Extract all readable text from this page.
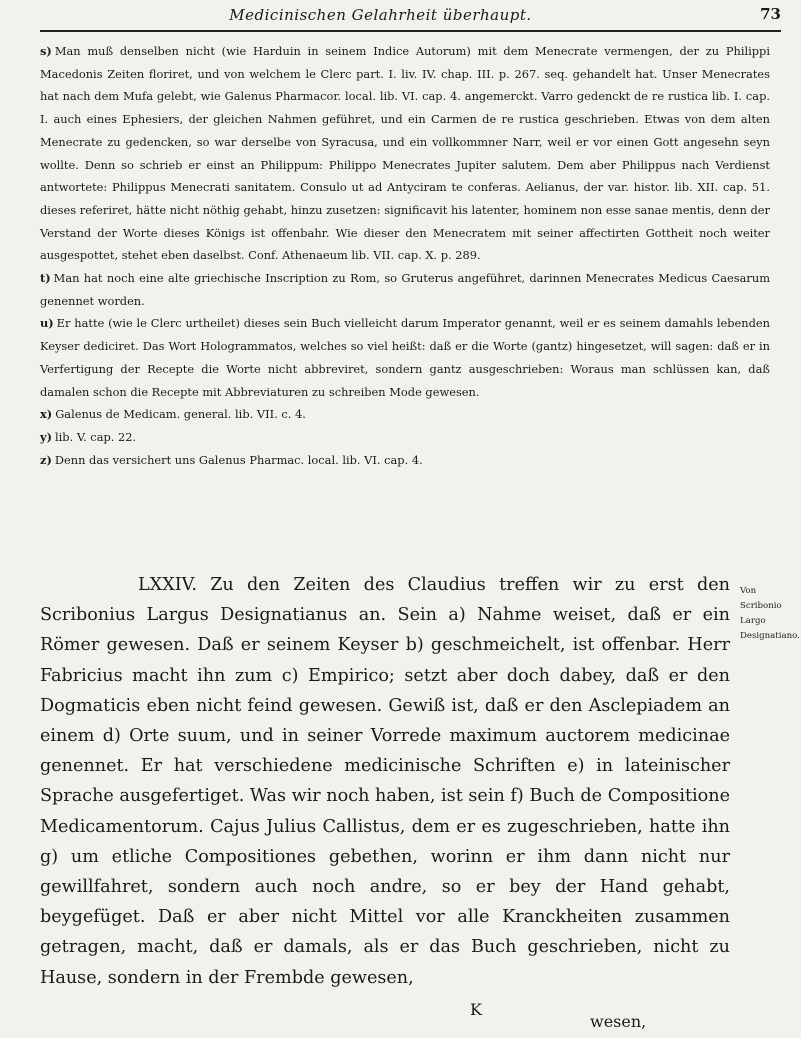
Medicinischen Gelahrheit überhaupt.	73

s) Man muß denselben nicht (wie Harduin in seinem Indice Autorum) mit dem Menecrate vermengen, der zu Philippi Macedonis Zeiten floriret, und von welchem le Clerc part. I. liv. IV. chap. III. p. 267. seq. gehandelt hat. Unser Menecrates hat nach dem Mufa gelebt, wie Galenus Pharmacor. local. lib. VI. cap. 4. angemerckt. Varro gedenckt de re rustica lib. I. cap. I. auch eines Ephesiers, der gleichen Nahmen geführet, und ein Carmen de re rustica geschrieben. Etwas von dem alten Menecrate zu gedencken, so war derselbe von Syracusa, und ein vollkommner Narr, weil er vor einen Gott angesehn seyn wollte. Denn so schrieb er einst an Philippum: Philippo Menecrates Jupiter salutem. Dem aber Philippus nach Verdienst antwortete: Philippus Menecrati sanitatem. Consulo ut ad Antyciram te conferas. Aelianus, der var. histor. lib. XII. cap. 51. dieses referiret, hätte nicht nöthig gehabt, hinzu zusetzen: significavit his latenter, hominem non esse sanae mentis, denn der Verstand der Worte dieses Königs ist offenbahr. Wie dieser den Menecratem mit seiner affectirten Gottheit noch weiter ausgespottet, stehet eben daselbst. Conf. Athenaeum lib. VII. cap. X. p. 289.

t) Man hat noch eine alte griechische Inscription zu Rom, so Gruterus angeführet, darinnen Menecrates Medicus Caesarum genennet worden.

u) Er hatte (wie le Clerc urtheilet) dieses sein Buch vielleicht darum Imperator genannt, weil er es seinem damahls lebenden Keyser dediciret. Das Wort Hologrammatos, welches so viel heißt: daß er die Worte (gantz) hingesetzet, will sagen: daß er in Verfertigung der Recepte die Worte nicht abbreviret, sondern gantz ausgeschrieben: Woraus man schlüssen kan, daß damalen schon die Recepte mit Abbreviaturen zu schreiben Mode gewesen.

x) Galenus de Medicam. general. lib. VII. c. 4.

y) lib. V. cap. 22.

z) Denn das versichert uns Galenus Pharmac. local. lib. VI. cap. 4.

LXXIV. Zu den Zeiten des Claudius treffen wir zu erst den Scribonius Largus Designatianus an. Sein a) Nahme weiset, daß er ein Römer gewesen. Daß er seinem Keyser b) geschmeichelt, ist offenbar. Herr Fabricius macht ihn zum c) Empirico; setzt aber doch dabey, daß er den Dogmaticis eben nicht feind gewesen. Gewiß ist, daß er den Asclepiadem an einem d) Orte suum, und in seiner Vorrede maximum auctorem medicinae genennet. Er hat verschiedene medicinische Schriften e) in lateinischer Sprache ausgefertiget. Was wir noch haben, ist sein f) Buch de Compositione Medicamentorum. Cajus Julius Callistus, dem er es zugeschrieben, hatte ihn g) um etliche Compositiones gebethen, worinn er ihm dann nicht nur gewillfahret, sondern auch noch andre, so er bey der Hand gehabt, beygefüget. Daß er aber nicht Mittel vor alle Kranckheiten zusammen getragen, macht, daß er damals, als er das Buch geschrieben, nicht zu Hause, sondern in der Frembde gewesen,

Von Scribonio Largo Designatiano.
K
wesen,
